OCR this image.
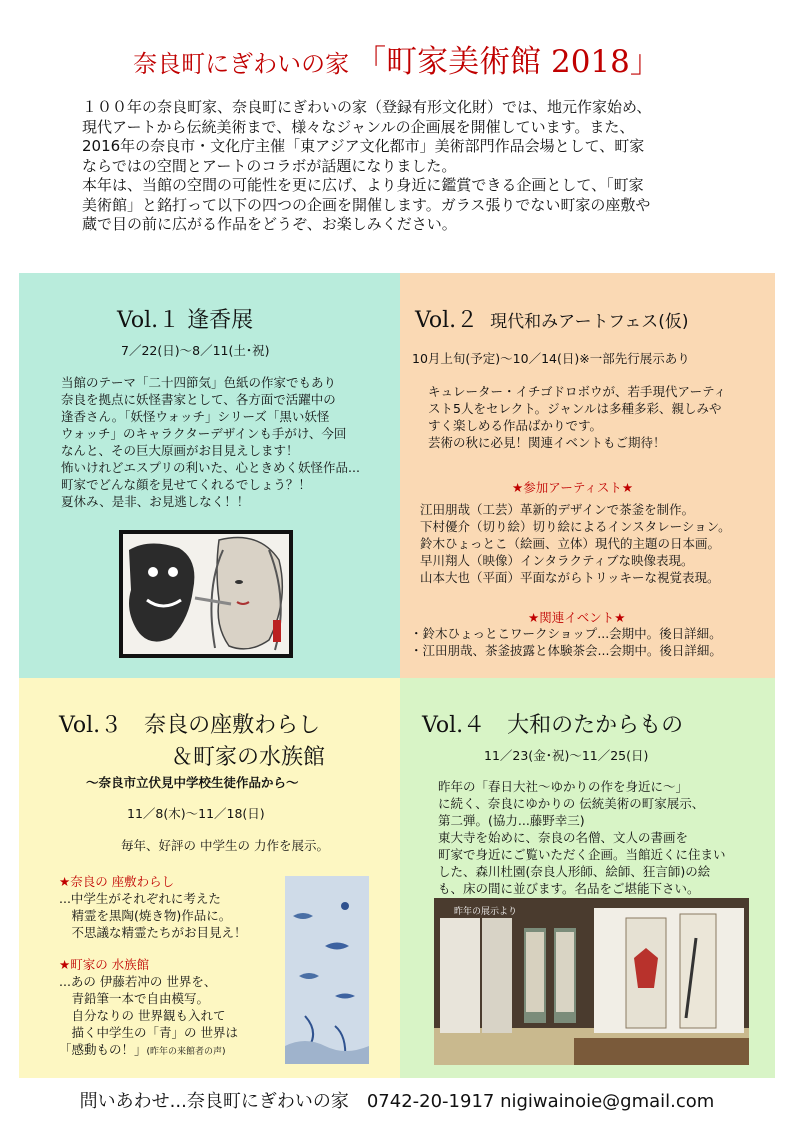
奈良町にぎわいの家 「町家美術館 2018」

１００年の奈良町家、奈良町にぎわいの家（登録有形文化財）では、地元作家始め、

現代アートから伝統美術まで、様々なジャンルの企画展を開催しています。また、

2016年の奈良市・文化庁主催「東アジア文化都市」美術部門作品会場として、町家

ならではの空間とアートのコラボが話題になりました。

本年は、当館の空間の可能性を更に広げ、より身近に鑑賞できる企画として、「町家

美術館」と銘打って以下の四つの企画を開催します。ガラス張りでない町家の座敷や

蔵で目の前に広がる作品をどうぞ、お楽しみください。

Vol.１ 逢香展
7／22(日)～8／11(土･祝)
当館のテーマ「二十四節気」色紙の作家でもあり
奈良を拠点に妖怪書家として、各方面で活躍中の
逢香さん。「妖怪ウォッチ」シリーズ「黒い妖怪
ウォッチ」のキャラクターデザインも手がけ、今回
なんと、その巨大原画がお目見えします！
怖いけれどエスプリの利いた、心ときめく妖怪作品...
町家でどんな顔を見せてくれるでしょう？！
夏休み、是非、お見逃しなく！！
Vol.２ 現代和みアートフェス(仮)
10月上旬(予定)～10／14(日)※一部先行展示あり
キュレーター・イチゴドロボウが、若手現代アーティ
スト5人をセレクト。ジャンルは多種多彩、親しみや
すく楽しめる作品ばかりです。
芸術の秋に必見！関連イベントもご期待！
★参加アーティスト★
江田朋哉（工芸）革新的デザインで茶釜を制作。
下村優介（切り絵）切り絵によるインスタレーション。
鈴木ひょっとこ（絵画、立体）現代的主題の日本画。
早川翔人（映像）インタラクティブな映像表現。
山本大也（平面）平面ながらトリッキーな視覚表現。
★関連イベント★
・鈴木ひょっとこワークショップ...会期中。後日詳細。
・江田朋哉、茶釜披露と体験茶会...会期中。後日詳細。
Vol.３　奈良の座敷わらし
＆町家の水族館
～奈良市立伏見中学校生徒作品から～
11／8(木)～11／18(日)
毎年、好評の 中学生の 力作を展示。
★奈良の 座敷わらし
...中学生がそれぞれに考えた
　精霊を黒陶(焼き物)作品に。
　不思議な精霊たちがお目見え！
★町家の 水族館
...あの 伊藤若冲の 世界を、
　青鉛筆一本で自由模写。
　自分なりの 世界観も入れて
　描く中学生の「青」の 世界は
「感動もの！」(昨年の来館者の声)
Vol.４　大和のたからもの
11／23(金･祝)～11／25(日)
昨年の「春日大社～ゆかりの作を身近に～」
に続く、奈良にゆかりの 伝統美術の町家展示、
第二弾。(協力...藤野幸三)
東大寺を始めに、奈良の名僧、文人の書画を
町家で身近にご覧いただく企画。当館近くに住まい
した、森川杜園(奈良人形師、絵師、狂言師)の絵
も、床の間に並びます。名品をご堪能下さい。
昨年の展示より
問いあわせ...奈良町にぎわいの家　0742-20-1917 nigiwainoie@gmail.com
